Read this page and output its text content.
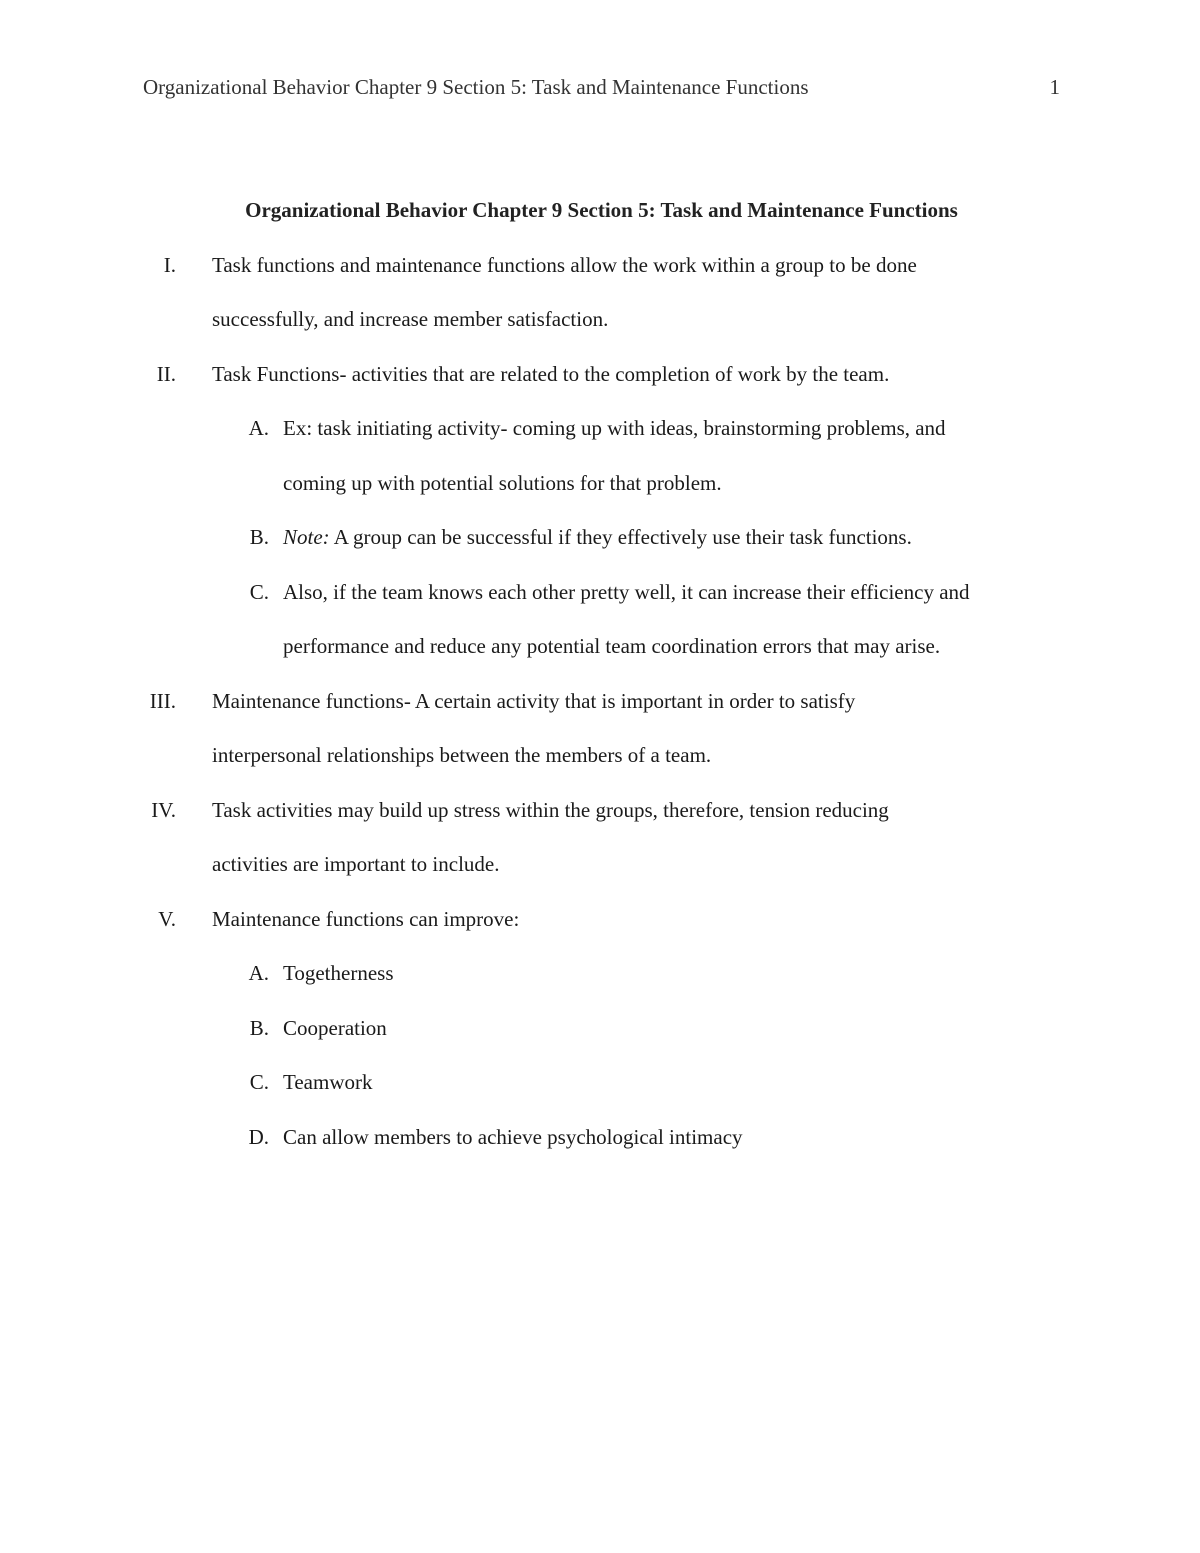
Organizational Behavior Chapter 9 Section 5: Task and Maintenance Functions	1
Organizational Behavior Chapter 9 Section 5: Task and Maintenance Functions
I. Task functions and maintenance functions allow the work within a group to be done
successfully, and increase member satisfaction.
II. Task Functions- activities that are related to the completion of work by the team.
A. Ex: task initiating activity- coming up with ideas, brainstorming problems, and
coming up with potential solutions for that problem.
B. Note: A group can be successful if they effectively use their task functions.
C. Also, if the team knows each other pretty well, it can increase their efficiency and
performance and reduce any potential team coordination errors that may arise.
III. Maintenance functions- A certain activity that is important in order to satisfy
interpersonal relationships between the members of a team.
IV. Task activities may build up stress within the groups, therefore, tension reducing
activities are important to include.
V. Maintenance functions can improve:
A. Togetherness
B. Cooperation
C. Teamwork
D. Can allow members to achieve psychological intimacy
